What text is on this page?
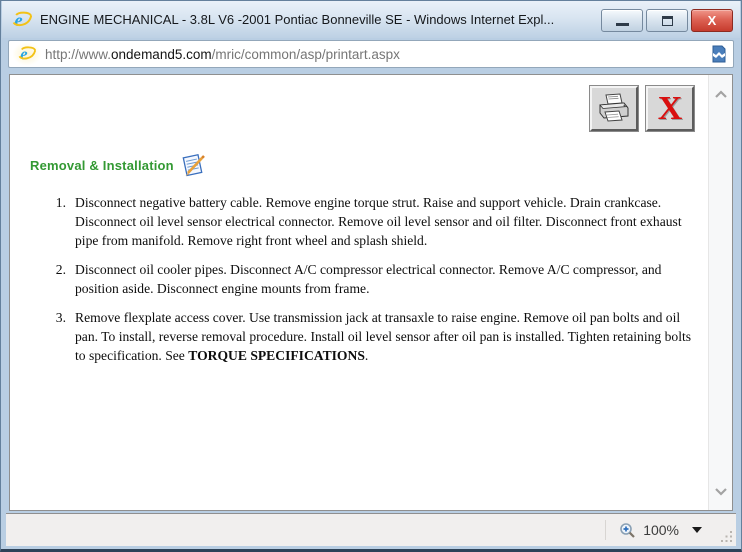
e ENGINE MECHANICAL - 3.8L V6 -2001 Pontiac Bonneville SE - Windows Internet Expl...	X
e http://www.ondemand5.com/mric/common/asp/printart.aspx
X
Removal & Installation
1. Disconnect negative battery cable. Remove engine torque strut. Raise and support vehicle. Drain crankcase. Disconnect oil level sensor electrical connector. Remove oil level sensor and oil filter. Disconnect front exhaust pipe from manifold. Remove right front wheel and splash shield.
2. Disconnect oil cooler pipes. Disconnect A/C compressor electrical connector. Remove A/C compressor, and position aside. Disconnect engine mounts from frame.
3. Remove flexplate access cover. Use transmission jack at transaxle to raise engine. Remove oil pan bolts and oil pan. To install, reverse removal procedure. Install oil level sensor after oil pan is installed. Tighten retaining bolts to specification. See TORQUE SPECIFICATIONS.
100%
